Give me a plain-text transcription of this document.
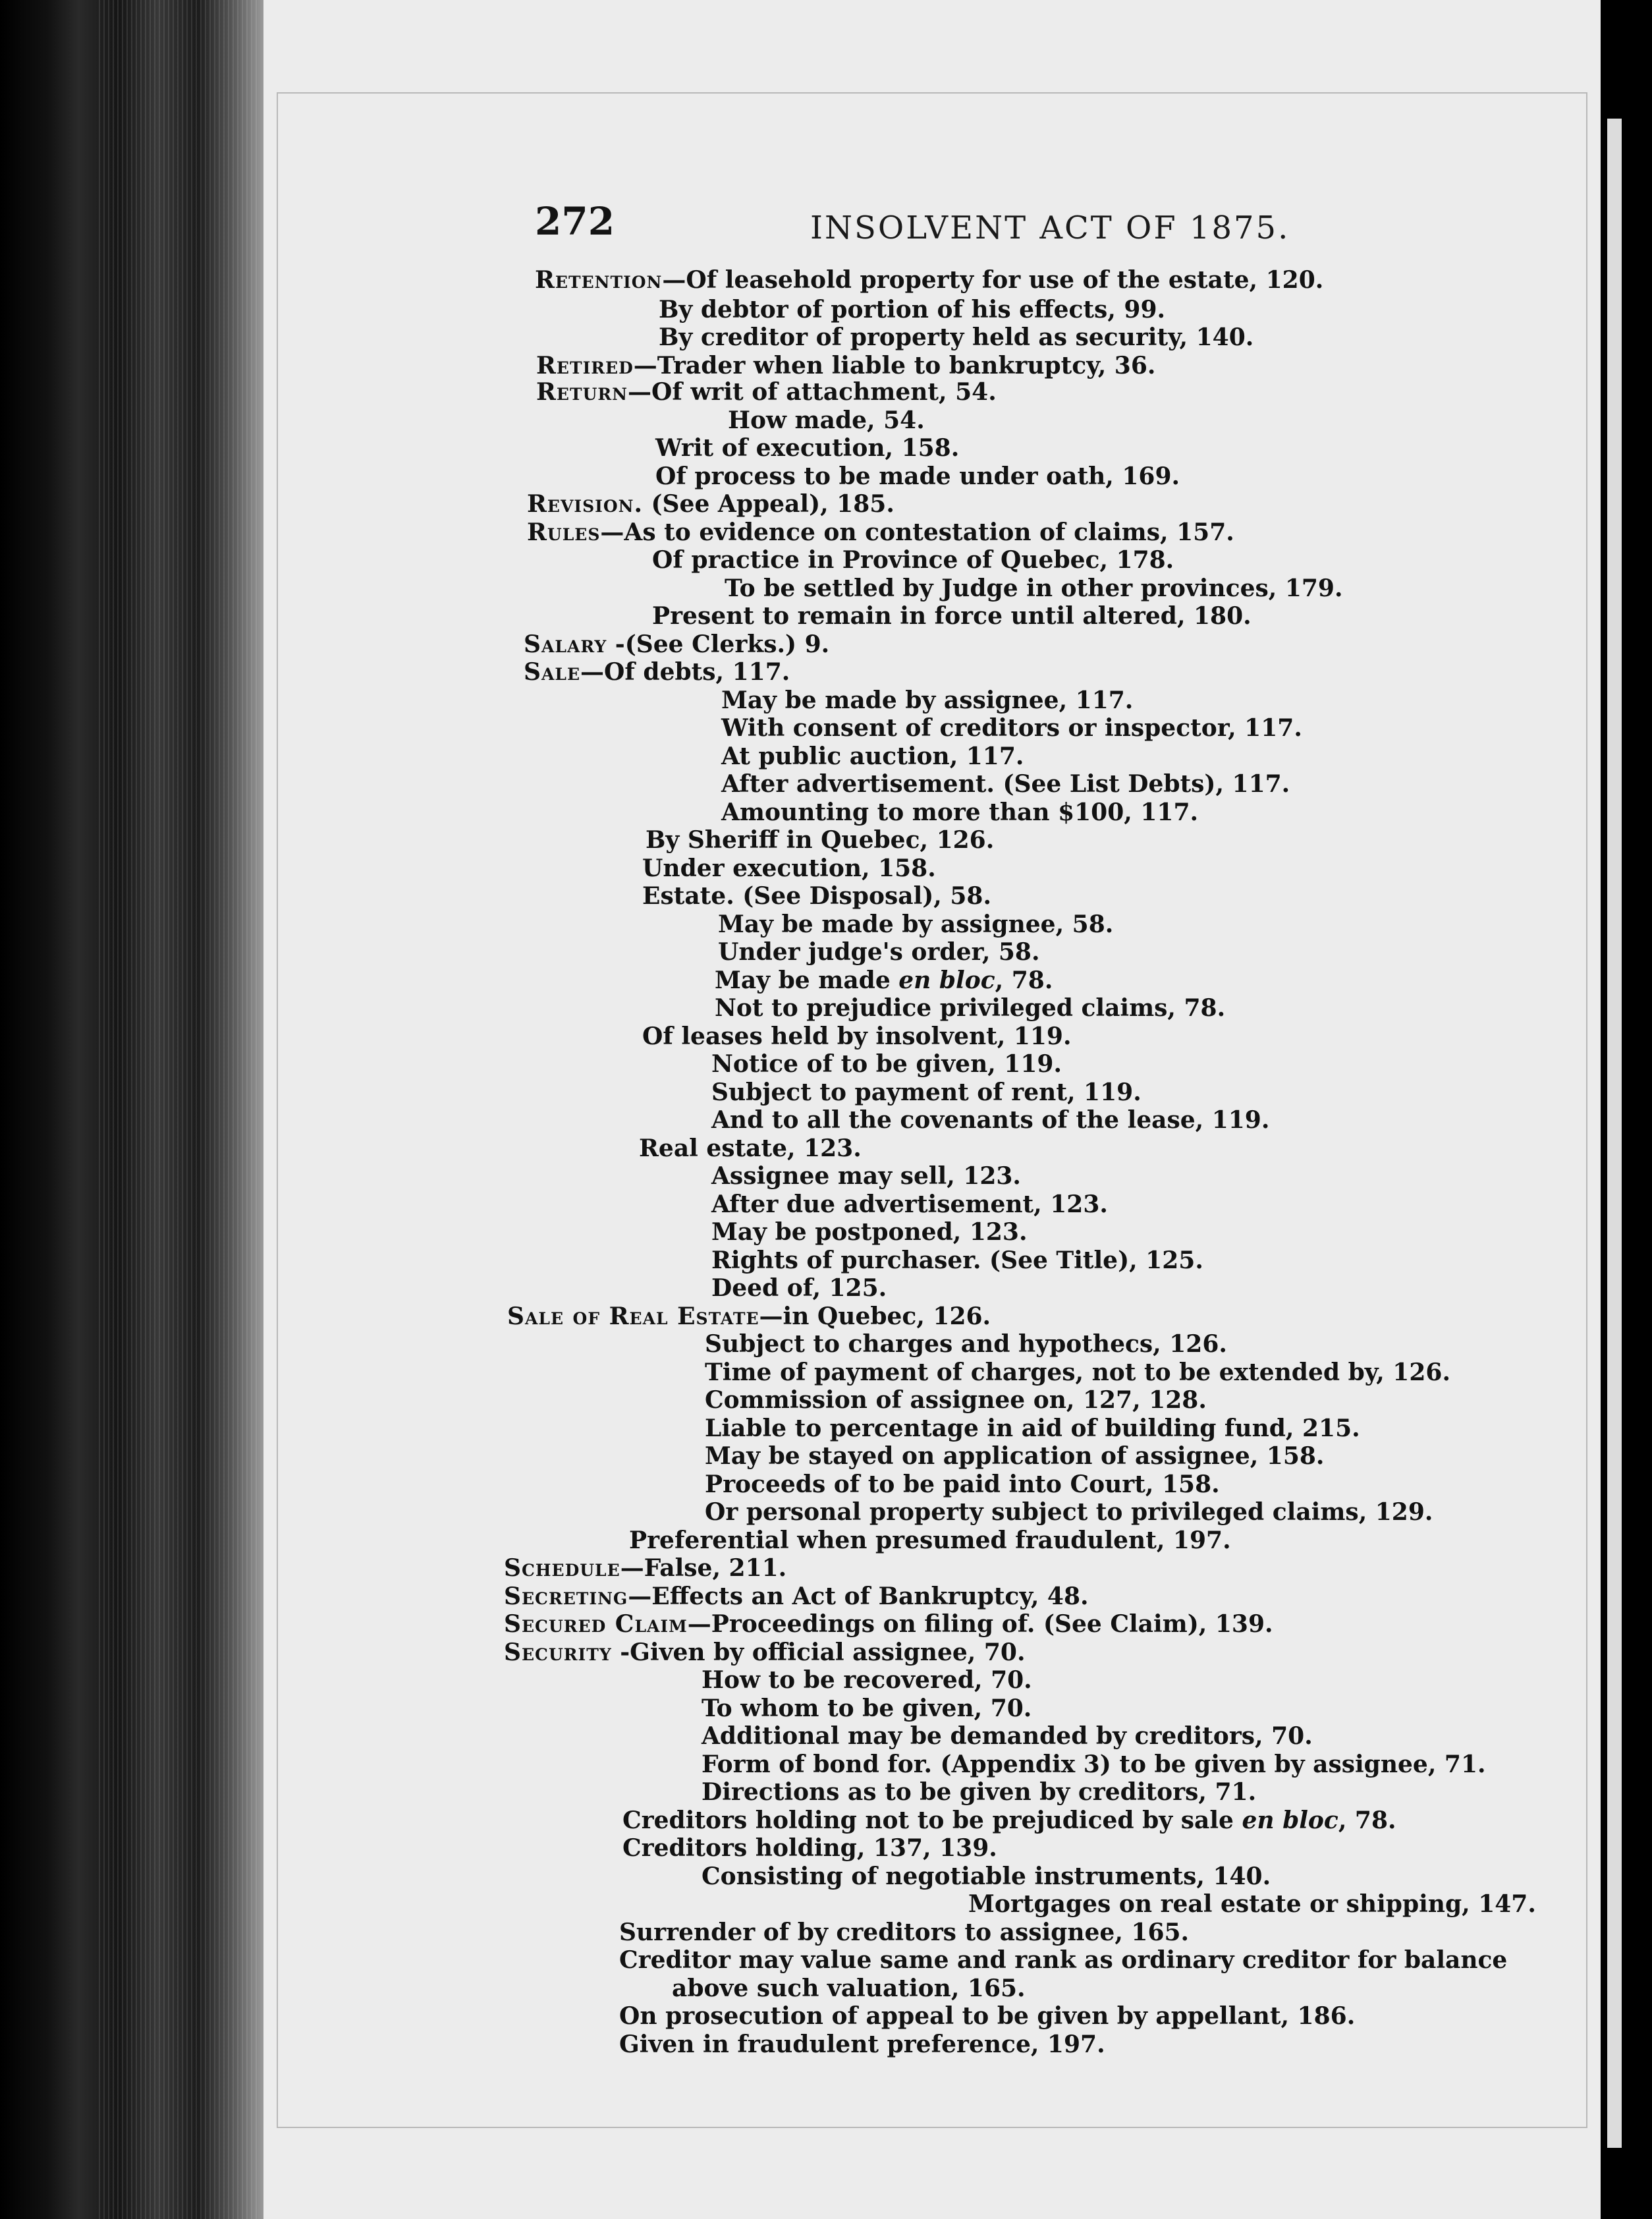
272	INSOLVENT ACT OF 1875.
Retention—Of leasehold property for use of the estate, 120.
By debtor of portion of his effects, 99.
By creditor of property held as security, 140.
Retired—Trader when liable to bankruptcy, 36.
Return—Of writ of attachment, 54.
How made, 54.
Writ of execution, 158.
Of process to be made under oath, 169.
Revision. (See Appeal), 185.
Rules—As to evidence on contestation of claims, 157.
Of practice in Province of Quebec, 178.
To be settled by Judge in other provinces, 179.
Present to remain in force until altered, 180.
Salary -(See Clerks.) 9.
Sale—Of debts, 117.
May be made by assignee, 117.
With consent of creditors or inspector, 117.
At public auction, 117.
After advertisement. (See List Debts), 117.
Amounting to more than $100, 117.
By Sheriff in Quebec, 126.
Under execution, 158.
Estate. (See Disposal), 58.
May be made by assignee, 58.
Under judge's order, 58.
May be made en bloc, 78.
Not to prejudice privileged claims, 78.
Of leases held by insolvent, 119.
Notice of to be given, 119.
Subject to payment of rent, 119.
And to all the covenants of the lease, 119.
Real estate, 123.
Assignee may sell, 123.
After due advertisement, 123.
May be postponed, 123.
Rights of purchaser. (See Title), 125.
Deed of, 125.
Sale of Real Estate—in Quebec, 126.
Subject to charges and hypothecs, 126.
Time of payment of charges, not to be extended by, 126.
Commission of assignee on, 127, 128.
Liable to percentage in aid of building fund, 215.
May be stayed on application of assignee, 158.
Proceeds of to be paid into Court, 158.
Or personal property subject to privileged claims, 129.
Preferential when presumed fraudulent, 197.
Schedule—False, 211.
Secreting—Effects an Act of Bankruptcy, 48.
Secured Claim—Proceedings on filing of. (See Claim), 139.
Security -Given by official assignee, 70.
How to be recovered, 70.
To whom to be given, 70.
Additional may be demanded by creditors, 70.
Form of bond for. (Appendix 3) to be given by assignee, 71.
Directions as to be given by creditors, 71.
Creditors holding not to be prejudiced by sale en bloc, 78.
Creditors holding, 137, 139.
Consisting of negotiable instruments, 140.
Mortgages on real estate or shipping, 147.
Surrender of by creditors to assignee, 165.
Creditor may value same and rank as ordinary creditor for balance
above such valuation, 165.
On prosecution of appeal to be given by appellant, 186.
Given in fraudulent preference, 197.
